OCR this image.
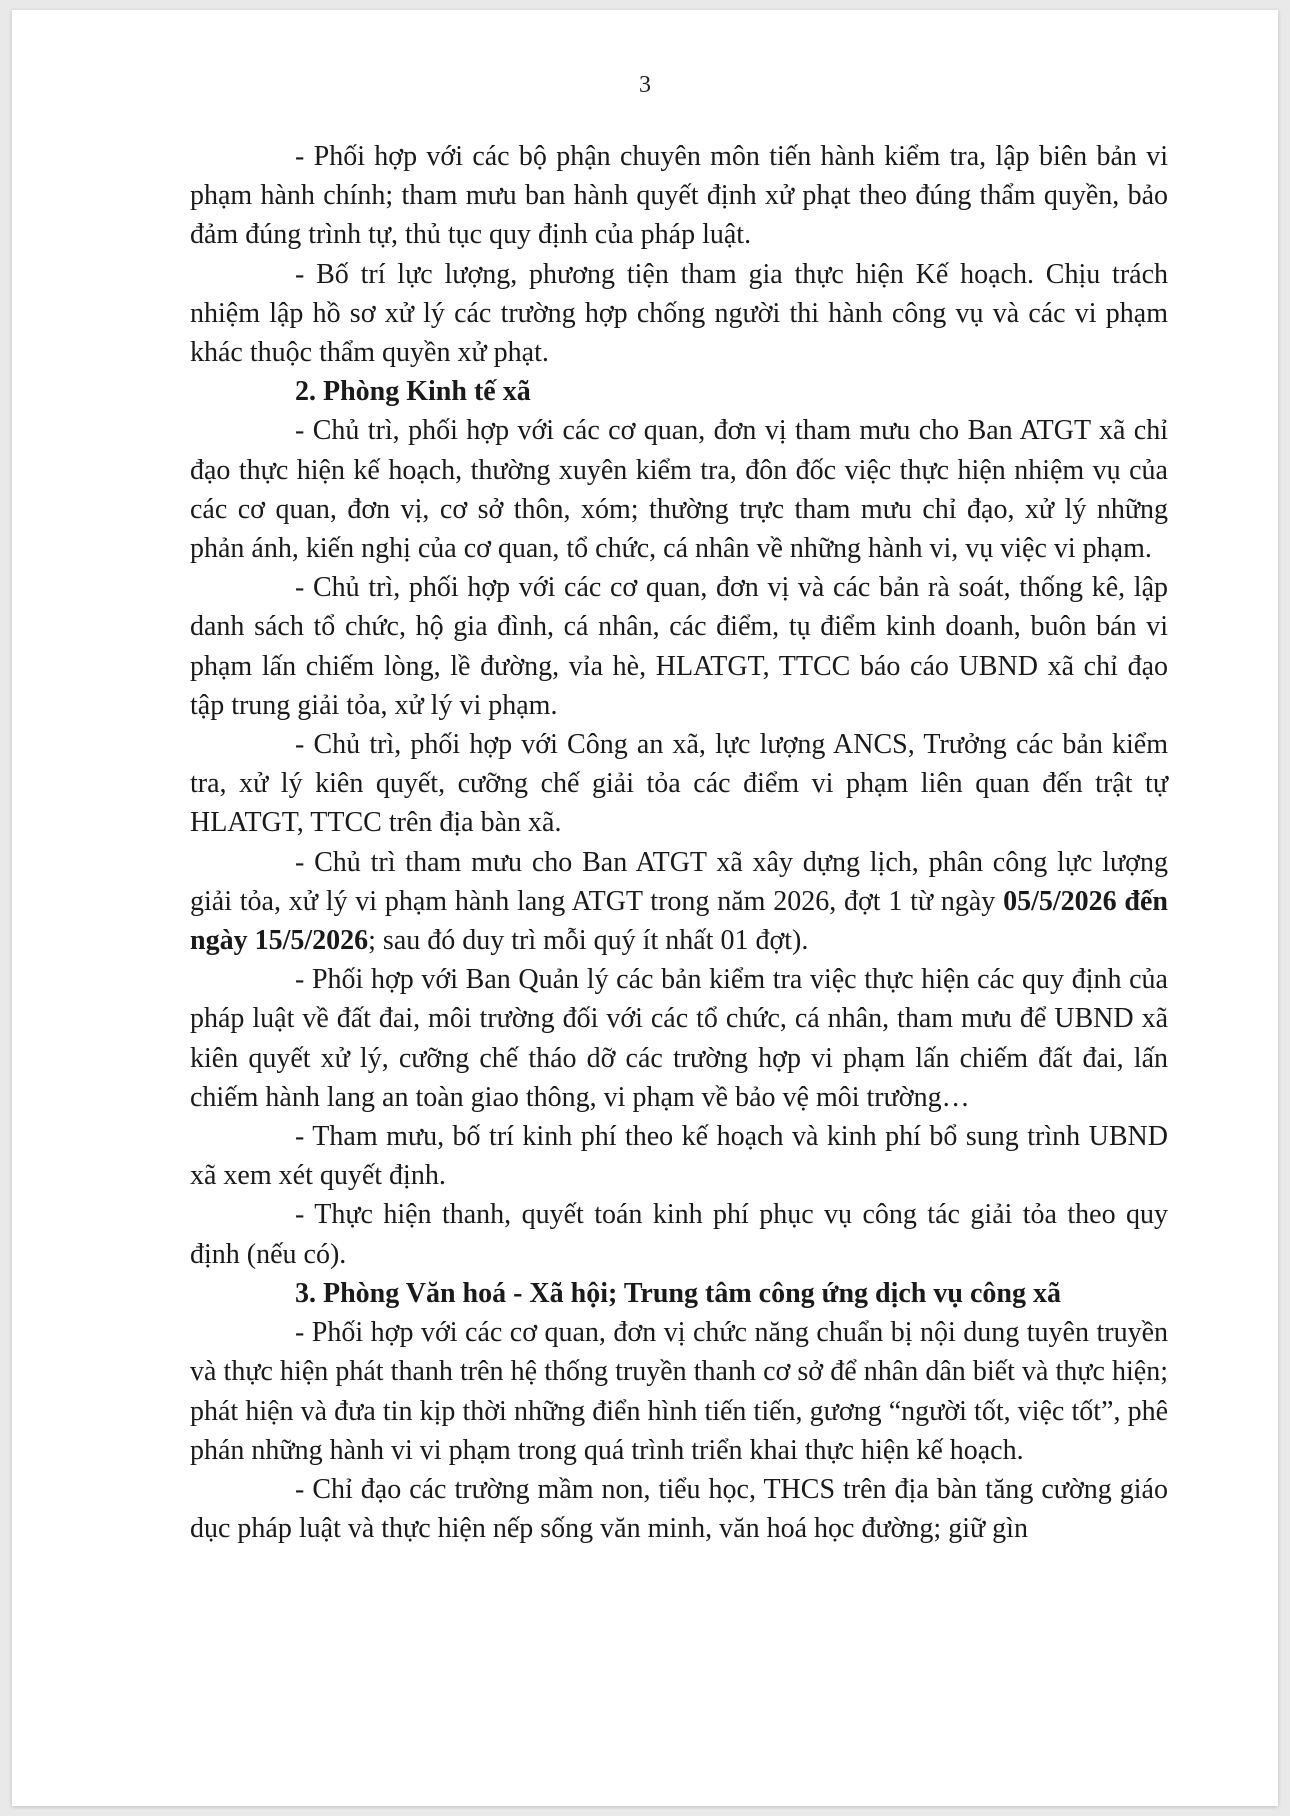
3

- Phối hợp với các bộ phận chuyên môn tiến hành kiểm tra, lập biên bản vi phạm hành chính; tham mưu ban hành quyết định xử phạt theo đúng thẩm quyền, bảo đảm đúng trình tự, thủ tục quy định của pháp luật.

- Bố trí lực lượng, phương tiện tham gia thực hiện Kế hoạch. Chịu trách nhiệm lập hồ sơ xử lý các trường hợp chống người thi hành công vụ và các vi phạm khác thuộc thẩm quyền xử phạt.

2. Phòng Kinh tế xã

- Chủ trì, phối hợp với các cơ quan, đơn vị tham mưu cho Ban ATGT xã chỉ đạo thực hiện kế hoạch, thường xuyên kiểm tra, đôn đốc việc thực hiện nhiệm vụ của các cơ quan, đơn vị, cơ sở thôn, xóm; thường trực tham mưu chỉ đạo, xử lý những phản ánh, kiến nghị của cơ quan, tổ chức, cá nhân về những hành vi, vụ việc vi phạm.

- Chủ trì, phối hợp với các cơ quan, đơn vị và các bản rà soát, thống kê, lập danh sách tổ chức, hộ gia đình, cá nhân, các điểm, tụ điểm kinh doanh, buôn bán vi phạm lấn chiếm lòng, lề đường, vỉa hè, HLATGT, TTCC báo cáo UBND xã chỉ đạo tập trung giải tỏa, xử lý vi phạm.

- Chủ trì, phối hợp với Công an xã, lực lượng ANCS, Trưởng các bản kiểm tra, xử lý kiên quyết, cưỡng chế giải tỏa các điểm vi phạm liên quan đến trật tự HLATGT, TTCC trên địa bàn xã.

- Chủ trì tham mưu cho Ban ATGT xã xây dựng lịch, phân công lực lượng giải tỏa, xử lý vi phạm hành lang ATGT trong năm 2026, đợt 1 từ ngày 05/5/2026 đến ngày 15/5/2026; sau đó duy trì mỗi quý ít nhất 01 đợt).

- Phối hợp với Ban Quản lý các bản kiểm tra việc thực hiện các quy định của pháp luật về đất đai, môi trường đối với các tổ chức, cá nhân, tham mưu để UBND xã kiên quyết xử lý, cưỡng chế tháo dỡ các trường hợp vi phạm lấn chiếm đất đai, lấn chiếm hành lang an toàn giao thông, vi phạm về bảo vệ môi trường…

- Tham mưu, bố trí kinh phí theo kế hoạch và kinh phí bổ sung trình UBND xã xem xét quyết định.

- Thực hiện thanh, quyết toán kinh phí phục vụ công tác giải tỏa theo quy định (nếu có).

3. Phòng Văn hoá - Xã hội; Trung tâm công ứng dịch vụ công xã

- Phối hợp với các cơ quan, đơn vị chức năng chuẩn bị nội dung tuyên truyền và thực hiện phát thanh trên hệ thống truyền thanh cơ sở để nhân dân biết và thực hiện; phát hiện và đưa tin kịp thời những điển hình tiến tiến, gương “người tốt, việc tốt”, phê phán những hành vi vi phạm trong quá trình triển khai thực hiện kế hoạch.

- Chỉ đạo các trường mầm non, tiểu học, THCS trên địa bàn tăng cường giáo dục pháp luật và thực hiện nếp sống văn minh, văn hoá học đường; giữ gìn
